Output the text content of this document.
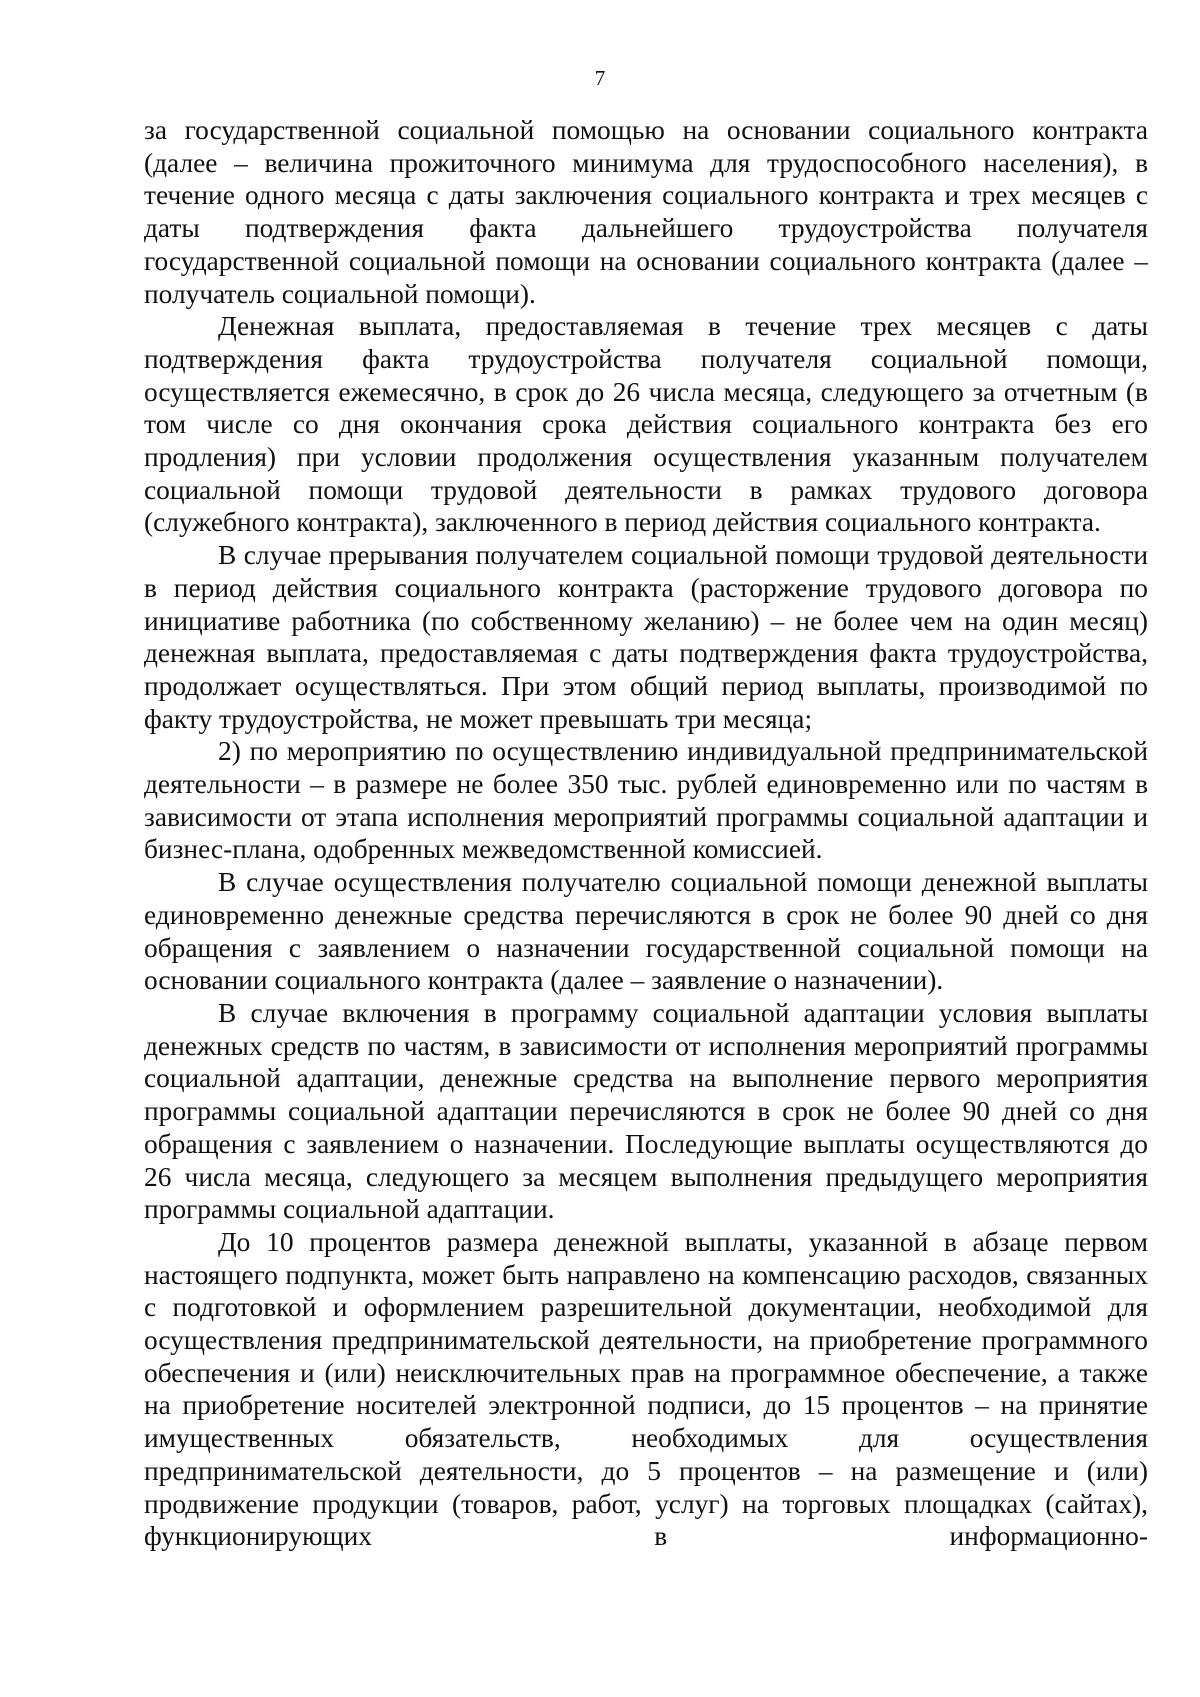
7

за государственной социальной помощью на основании социального контракта (далее – величина прожиточного минимума для трудоспособного населения), в течение одного месяца с даты заключения социального контракта и трех месяцев с даты подтверждения факта дальнейшего трудоустройства получателя государственной социальной помощи на основании социального контракта (далее – получатель социальной помощи).

Денежная выплата, предоставляемая в течение трех месяцев с даты подтверждения факта трудоустройства получателя социальной помощи, осуществляется ежемесячно, в срок до 26 числа месяца, следующего за отчетным (в том числе со дня окончания срока действия социального контракта без его продления) при условии продолжения осуществления указанным получателем социальной помощи трудовой деятельности в рамках трудового договора (служебного контракта), заключенного в период действия социального контракта.

В случае прерывания получателем социальной помощи трудовой деятельности в период действия социального контракта (расторжение трудового договора по инициативе работника (по собственному желанию) – не более чем на один месяц) денежная выплата, предоставляемая с даты подтверждения факта трудоустройства, продолжает осуществляться. При этом общий период выплаты, производимой по факту трудоустройства, не может превышать три месяца;

2) по мероприятию по осуществлению индивидуальной предпринимательской деятельности – в размере не более 350 тыс. рублей единовременно или по частям в зависимости от этапа исполнения мероприятий программы социальной адаптации и бизнес-плана, одобренных межведомственной комиссией.

В случае осуществления получателю социальной помощи денежной выплаты единовременно денежные средства перечисляются в срок не более 90 дней со дня обращения с заявлением о назначении государственной социальной помощи на основании социального контракта (далее – заявление о назначении).

В случае включения в программу социальной адаптации условия выплаты денежных средств по частям, в зависимости от исполнения мероприятий программы социальной адаптации, денежные средства на выполнение первого мероприятия программы социальной адаптации перечисляются в срок не более 90 дней со дня обращения с заявлением о назначении. Последующие выплаты осуществляются до 26 числа месяца, следующего за месяцем выполнения предыдущего мероприятия программы социальной адаптации.

До 10 процентов размера денежной выплаты, указанной в абзаце первом настоящего подпункта, может быть направлено на компенсацию расходов, связанных с подготовкой и оформлением разрешительной документации, необходимой для осуществления предпринимательской деятельности, на приобретение программного обеспечения и (или) неисключительных прав на программное обеспечение, а также на приобретение носителей электронной подписи, до 15 процентов – на принятие имущественных обязательств, необходимых для осуществления предпринимательской деятельности, до 5 процентов – на размещение и (или) продвижение продукции (товаров, работ, услуг) на торговых площадках (сайтах), функционирующих в информационно-
